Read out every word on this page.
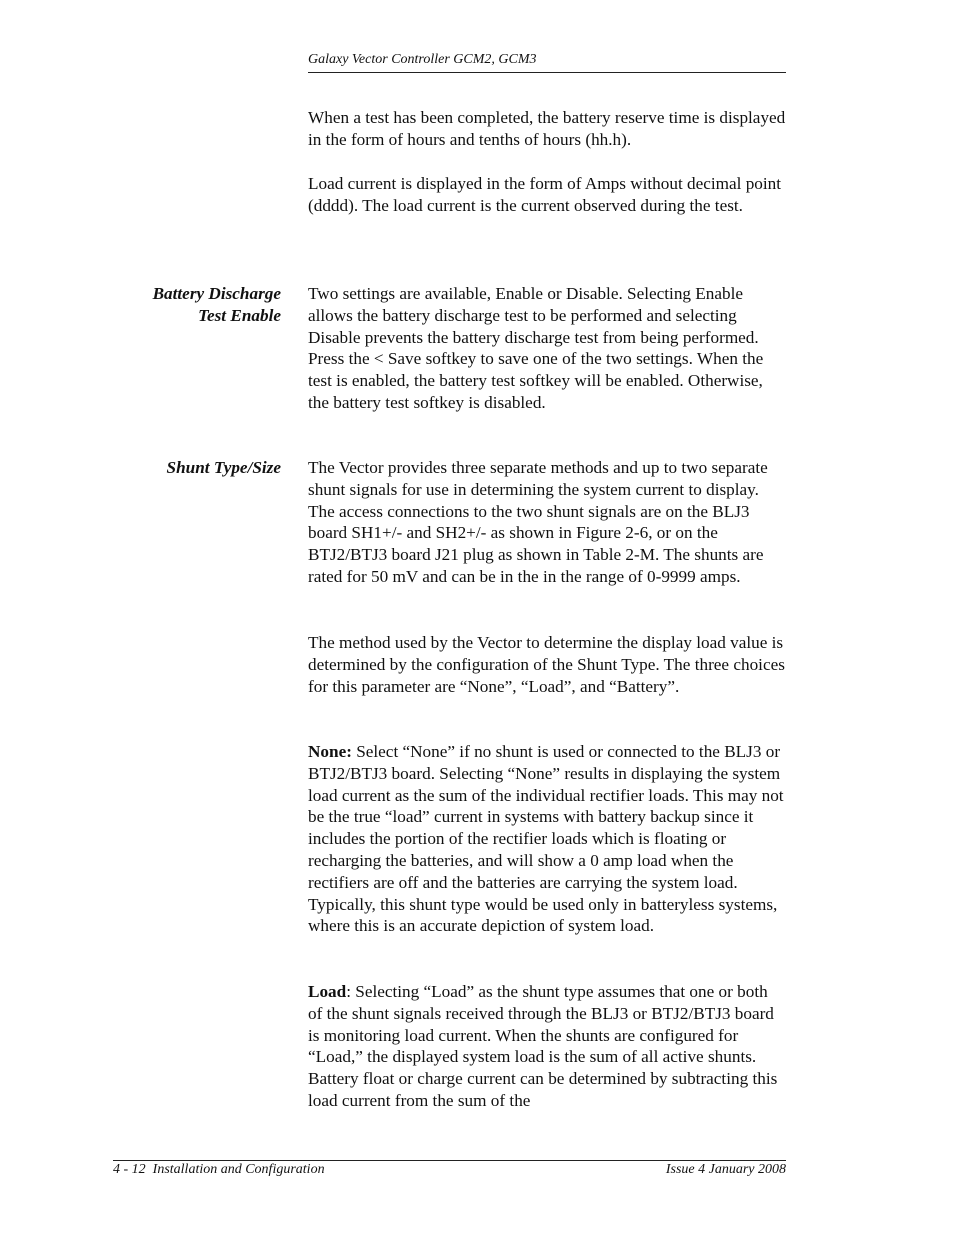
Galaxy Vector Controller GCM2, GCM3

When a test has been completed, the battery reserve time is displayed in the form of hours and tenths of hours (hh.h).

Load current is displayed in the form of Amps without decimal point (dddd). The load current is the current observed during the test.

Battery Discharge
Test Enable

Two settings are available, Enable or Disable. Selecting Enable allows the battery discharge test to be performed and selecting Disable prevents the battery discharge test from being performed. Press the < Save softkey to save one of the two settings. When the test is enabled, the battery test softkey will be enabled. Otherwise, the battery test softkey is disabled.

Shunt Type/Size The Vector provides three separate methods and up to two separate shunt signals for use in determining the system current to display. The access connections to the two shunt signals are on the BLJ3 board SH1+/- and SH2+/- as shown in Figure 2-6, or on the BTJ2/BTJ3 board J21 plug as shown in Table 2-M. The shunts are rated for 50 mV and can be in the in the range of 0-9999 amps.

The method used by the Vector to determine the display load value is determined by the configuration of the Shunt Type. The three choices for this parameter are “None”, “Load”, and “Battery”.

None: Select “None” if no shunt is used or connected to the BLJ3 or BTJ2/BTJ3 board. Selecting “None” results in displaying the system load current as the sum of the individual rectifier loads. This may not be the true “load” current in systems with battery backup since it includes the portion of the rectifier loads which is floating or recharging the batteries, and will show a 0 amp load when the rectifiers are off and the batteries are carrying the system load. Typically, this shunt type would be used only in batteryless systems, where this is an accurate depiction of system load.

Load: Selecting “Load” as the shunt type assumes that one or both of the shunt signals received through the BLJ3 or BTJ2/BTJ3 board is monitoring load current. When the shunts are configured for “Load,” the displayed system load is the sum of all active shunts. Battery float or charge current can be determined by subtracting this load current from the sum of the

4 - 12  Installation and Configuration	Issue 4 January 2008
